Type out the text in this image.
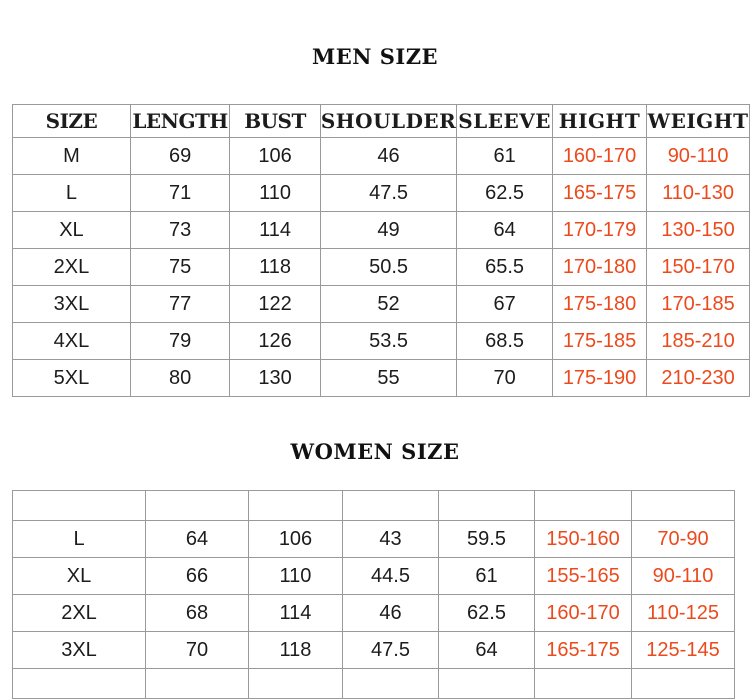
MEN SIZE
SIZE	LENGTH	BUST	SHOULDER	SLEEVE	HIGHT	WEIGHT
M	69	106	46	61	160-170	90-110
L	71	110	47.5	62.5	165-175	110-130
XL	73	114	49	64	170-179	130-150
2XL	75	118	50.5	65.5	170-180	150-170
3XL	77	122	52	67	175-180	170-185
4XL	79	126	53.5	68.5	175-185	185-210
5XL	80	130	55	70	175-190	210-230
WOMEN SIZE

L	64	106	43	59.5	150-160	70-90
XL	66	110	44.5	61	155-165	90-110
2XL	68	114	46	62.5	160-170	110-125
3XL	70	118	47.5	64	165-175	125-145
